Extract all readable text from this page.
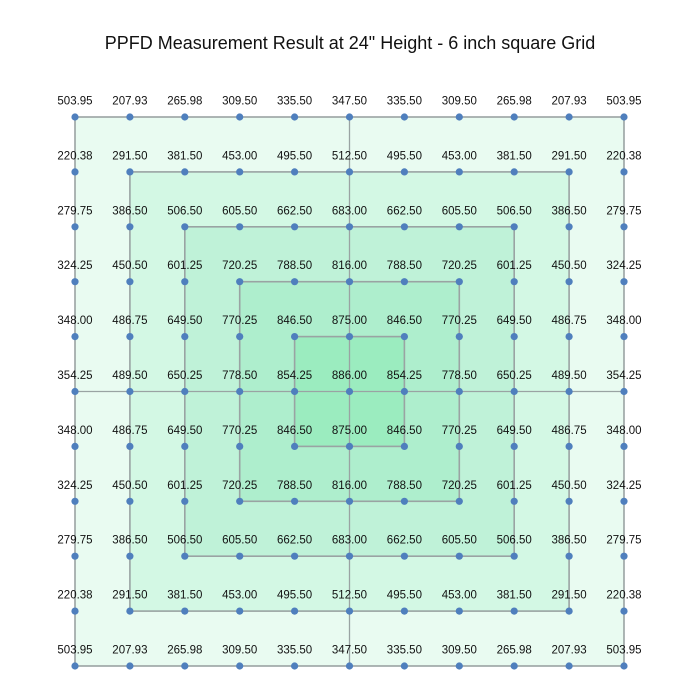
PPFD Measurement Result at 24" Height - 6 inch square Grid
503.95 207.93 265.98 309.50 335.50 347.50 335.50 309.50 265.98 207.93 503.95
220.38 291.50 381.50 453.00 495.50 512.50 495.50 453.00 381.50 291.50 220.38
279.75 386.50 506.50 605.50 662.50 683.00 662.50 605.50 506.50 386.50 279.75
324.25 450.50 601.25 720.25 788.50 816.00 788.50 720.25 601.25 450.50 324.25
348.00 486.75 649.50 770.25 846.50 875.00 846.50 770.25 649.50 486.75 348.00
354.25 489.50 650.25 778.50 854.25 886.00 854.25 778.50 650.25 489.50 354.25
348.00 486.75 649.50 770.25 846.50 875.00 846.50 770.25 649.50 486.75 348.00
324.25 450.50 601.25 720.25 788.50 816.00 788.50 720.25 601.25 450.50 324.25
279.75 386.50 506.50 605.50 662.50 683.00 662.50 605.50 506.50 386.50 279.75
220.38 291.50 381.50 453.00 495.50 512.50 495.50 453.00 381.50 291.50 220.38
503.95 207.93 265.98 309.50 335.50 347.50 335.50 309.50 265.98 207.93 503.95
